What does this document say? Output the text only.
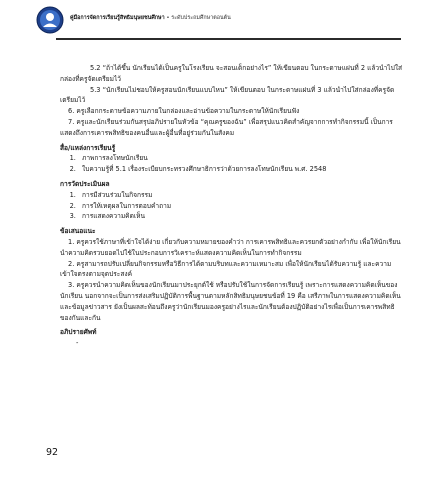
คู่มือการจัดการเรียนรู้สิทธิมนุษยชนศึกษา • ระดับประถมศึกษาตอนต้น

5.2 “ถ้าได้ขึ้น นักเรียนได้เป็นครูในโรงเรียน จะสอนเด็กอย่างไร” ให้เขียนตอบ ในกระดาษแผ่นที่ 2 แล้วนำไปใส่กล่องที่ครูจัดเตรียมไว้

5.3 “นักเรียนไม่ชอบให้ครูสอนนักเรียนแบบไหน” ให้เขียนตอบ ในกระดาษแผ่นที่ 3 แล้วนำไปใส่กล่องที่ครูจัดเตรียมไว้

6. ครูเลือกกระดาษข้อความภายในกล่องและอ่านข้อความในกระดาษให้นักเรียนฟัง

7. ครูและนักเรียนร่วมกันสรุปอภิปรายในหัวข้อ “คุณครูของฉัน” เพื่อสรุปแนวคิดสำคัญจากการทำกิจกรรมนี้ เป็นการแสดงถึงการเคารพสิทธิของคนอื่นและผู้อื่นที่อยู่ร่วมกันในสังคม

สื่อ/แหล่งการเรียนรู้

1. ภาพการลงโทษนักเรียน
2. ใบความรู้ที่ 5.1 เรื่องระเบียบกระทรวงศึกษาธิการว่าด้วยการลงโทษนักเรียน พ.ศ. 2548

การวัดประเมินผล

1. การมีส่วนร่วมในกิจกรรม
2. การให้เหตุผลในการตอบคำถาม
3. การแสดงความคิดเห็น

ข้อเสนอแนะ

1. ครูควรใช้ภาษาที่เข้าใจได้ง่าย เกี่ยวกับความหมายของคำว่า การเคารพสิทธิและควรยกตัวอย่างกำกับ เพื่อให้นักเรียนนำความคิดรวบยอดไปใช้ในประกอบการวิเคราะห์แสดงความคิดเห็นในการทำกิจกรรม

2. ครูสามารถปรับเปลี่ยนกิจกรรมหรือวิธีการได้ตามบริบทและความเหมาะสม เพื่อให้นักเรียนได้รับความรู้ และความเข้าใจตรงตามจุดประสงค์

3. ครูควรนำความคิดเห็นของนักเรียนมาประยุกต์ใช้ หรือปรับใช้ในการจัดการเรียนรู้ เพราะการแสดงความคิดเห็นของนักเรียน นอกจากจะเป็นการส่งเสริมปฏิบัติการพื้นฐานตามหลักสิทธิมนุษยชนข้อที่ 19 คือ เสรีภาพในการแสดงความคิดเห็นและข้อมูลข่าวสาร ยังเป็นผลสะท้อนถึงครูว่านักเรียนมองครูอย่างไรและนักเรียนต้องปฏิบัติอย่างไรเพื่อเป็นการเคารพสิทธิของกันและกัน

อภิปรายศัพท์

-

92
